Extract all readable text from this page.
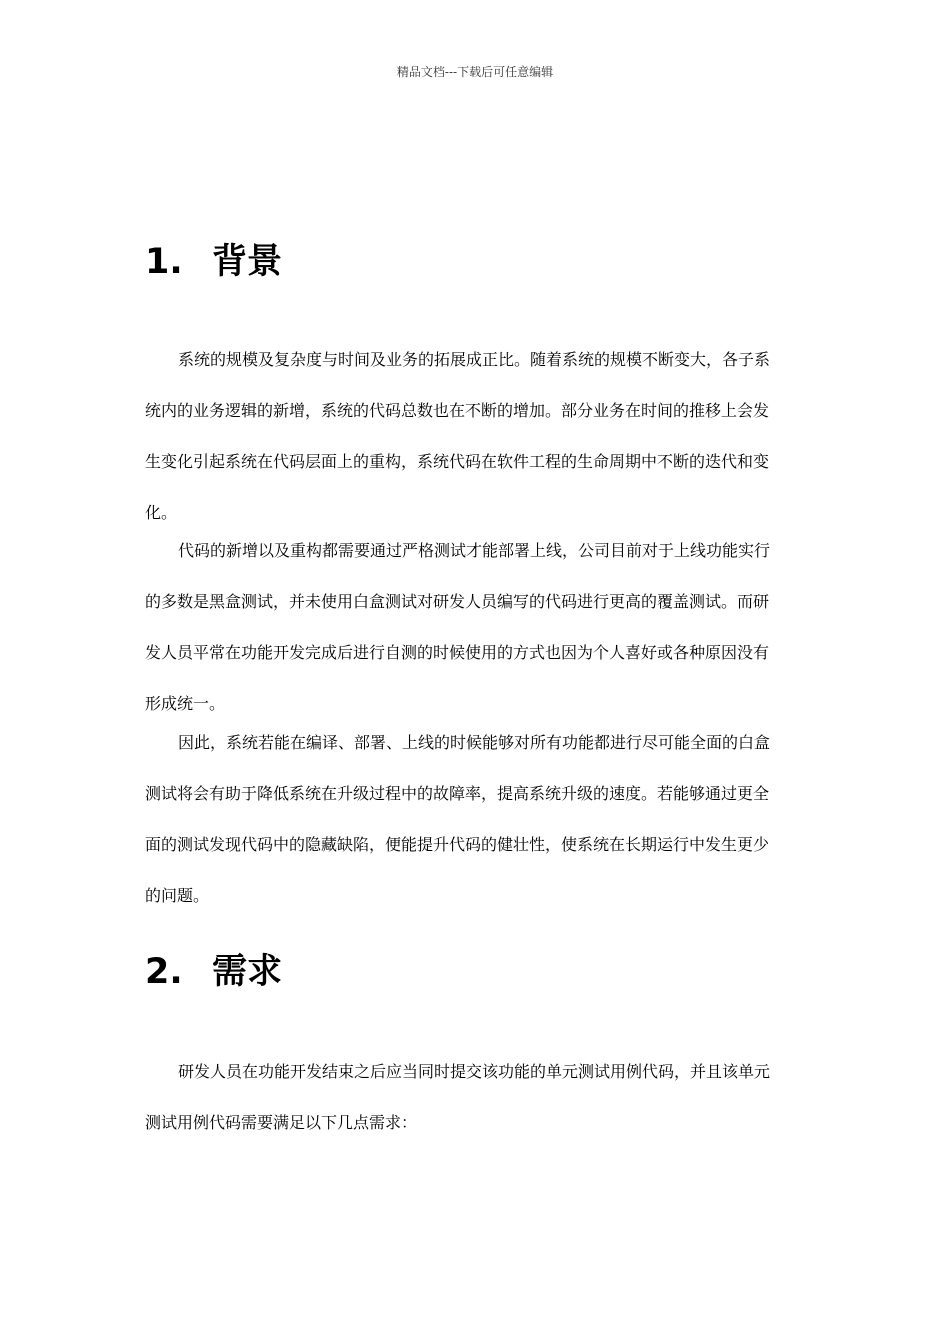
精品文档---下载后可任意编辑
1. 背景
系统的规模及复杂度与时间及业务的拓展成正比。随着系统的规模不断变大，各子系
统内的业务逻辑的新增，系统的代码总数也在不断的增加。部分业务在时间的推移上会发
生变化引起系统在代码层面上的重构，系统代码在软件工程的生命周期中不断的迭代和变
化。
代码的新增以及重构都需要通过严格测试才能部署上线，公司目前对于上线功能实行
的多数是黑盒测试，并未使用白盒测试对研发人员编写的代码进行更高的覆盖测试。而研
发人员平常在功能开发完成后进行自测的时候使用的方式也因为个人喜好或各种原因没有
形成统一。
因此，系统若能在编译、部署、上线的时候能够对所有功能都进行尽可能全面的白盒
测试将会有助于降低系统在升级过程中的故障率，提高系统升级的速度。若能够通过更全
面的测试发现代码中的隐藏缺陷，便能提升代码的健壮性，使系统在长期运行中发生更少
的问题。
2. 需求
研发人员在功能开发结束之后应当同时提交该功能的单元测试用例代码，并且该单元
测试用例代码需要满足以下几点需求：
